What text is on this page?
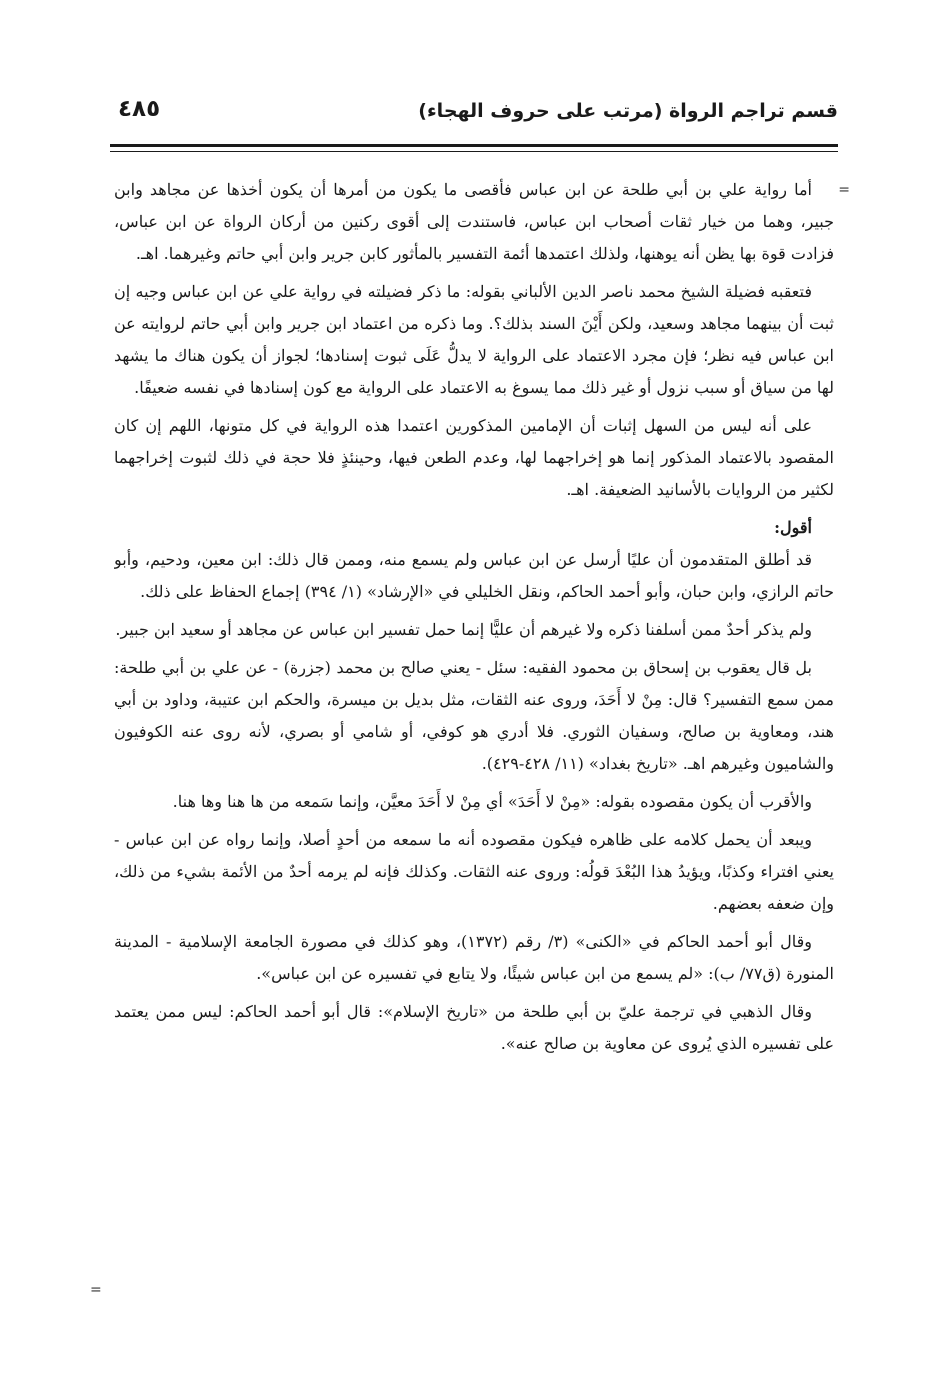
قسم تراجم الرواة (مرتب على حروف الهجاء)
٤٨٥
=
=

أما رواية علي بن أبي طلحة عن ابن عباس فأقصى ما يكون من أمرها أن يكون أخذها عن مجاهد وابن جبير، وهما من خيار ثقات أصحاب ابن عباس، فاستندت إلى أقوى ركنين من أركان الرواة عن ابن عباس، فزادت قوة بها يظن أنه يوهنها، ولذلك اعتمدها أئمة التفسير بالمأثور كابن جرير وابن أبي حاتم وغيرهما. اهـ.

فتعقبه فضيلة الشيخ محمد ناصر الدين الألباني بقوله: ما ذكر فضيلته في رواية علي عن ابن عباس وجيه إن ثبت أن بينهما مجاهد وسعيد، ولكن أَيْنَ السند بذلك؟. وما ذكره من اعتماد ابن جرير وابن أبي حاتم لروايته عن ابن عباس فيه نظر؛ فإن مجرد الاعتماد على الرواية لا يدلُّ عَلَى ثبوت إسنادها؛ لجواز أن يكون هناك ما يشهد لها من سياق أو سبب نزول أو غير ذلك مما يسوغ به الاعتماد على الرواية مع كون إسنادها في نفسه ضعيفًا.

على أنه ليس من السهل إثبات أن الإمامين المذكورين اعتمدا هذه الرواية في كل متونها، اللهم إن كان المقصود بالاعتماد المذكور إنما هو إخراجهما لها، وعدم الطعن فيها، وحينئذٍ فلا حجة في ذلك لثبوت إخراجهما لكثير من الروايات بالأسانيد الضعيفة. اهـ.

أقول:

قد أطلق المتقدمون أن عليًا أرسل عن ابن عباس ولم يسمع منه، وممن قال ذلك: ابن معين، ودحيم، وأبو حاتم الرازي، وابن حبان، وأبو أحمد الحاكم، ونقل الخليلي في «الإرشاد» (١/ ٣٩٤) إجماع الحفاظ على ذلك.

ولم يذكر أحدٌ ممن أسلفنا ذكره ولا غيرهم أن عليًّا إنما حمل تفسير ابن عباس عن مجاهد أو سعيد ابن جبير.

بل قال يعقوب بن إسحاق بن محمود الفقيه: سئل - يعني صالح بن محمد (جزرة) - عن علي بن أبي طلحة: ممن سمع التفسير؟ قال: مِنْ لا أَحَدَ، وروى عنه الثقات، مثل بديل بن ميسرة، والحكم ابن عتيبة، وداود بن أبي هند، ومعاوية بن صالح، وسفيان الثوري. فلا أدري هو كوفي، أو شامي أو بصري، لأنه روى عنه الكوفيون والشاميون وغيرهم اهـ. «تاريخ بغداد» (١١/ ٤٢٨-٤٢٩).

والأقرب أن يكون مقصوده بقوله: «مِنْ لا أَحَدَ» أي مِنْ لا أَحَدَ معيَّن، وإنما سَمعه من ها هنا وها هنا.

ويبعد أن يحمل كلامه على ظاهره فيكون مقصوده أنه ما سمعه من أحدٍ أصلا، وإنما رواه عن ابن عباس - يعني افتراء وكذبًا، ويؤيدُ هذا البُعْدَ قولُه: وروى عنه الثقات. وكذلك فإنه لم يرمه أحدٌ من الأئمة بشيء من ذلك، وإن ضعفه بعضهم.

وقال أبو أحمد الحاكم في «الكنى» (٣/ رقم (١٣٧٢)، وهو كذلك في مصورة الجامعة الإسلامية - المدينة المنورة (ق٧٧/ ب): «لم يسمع من ابن عباس شيئًا، ولا يتابع في تفسيره عن ابن عباس».

وقال الذهبي في ترجمة عليّ بن أبي طلحة من «تاريخ الإسلام»: قال أبو أحمد الحاكم: ليس ممن يعتمد على تفسيره الذي يُروى عن معاوية بن صالح عنه».
